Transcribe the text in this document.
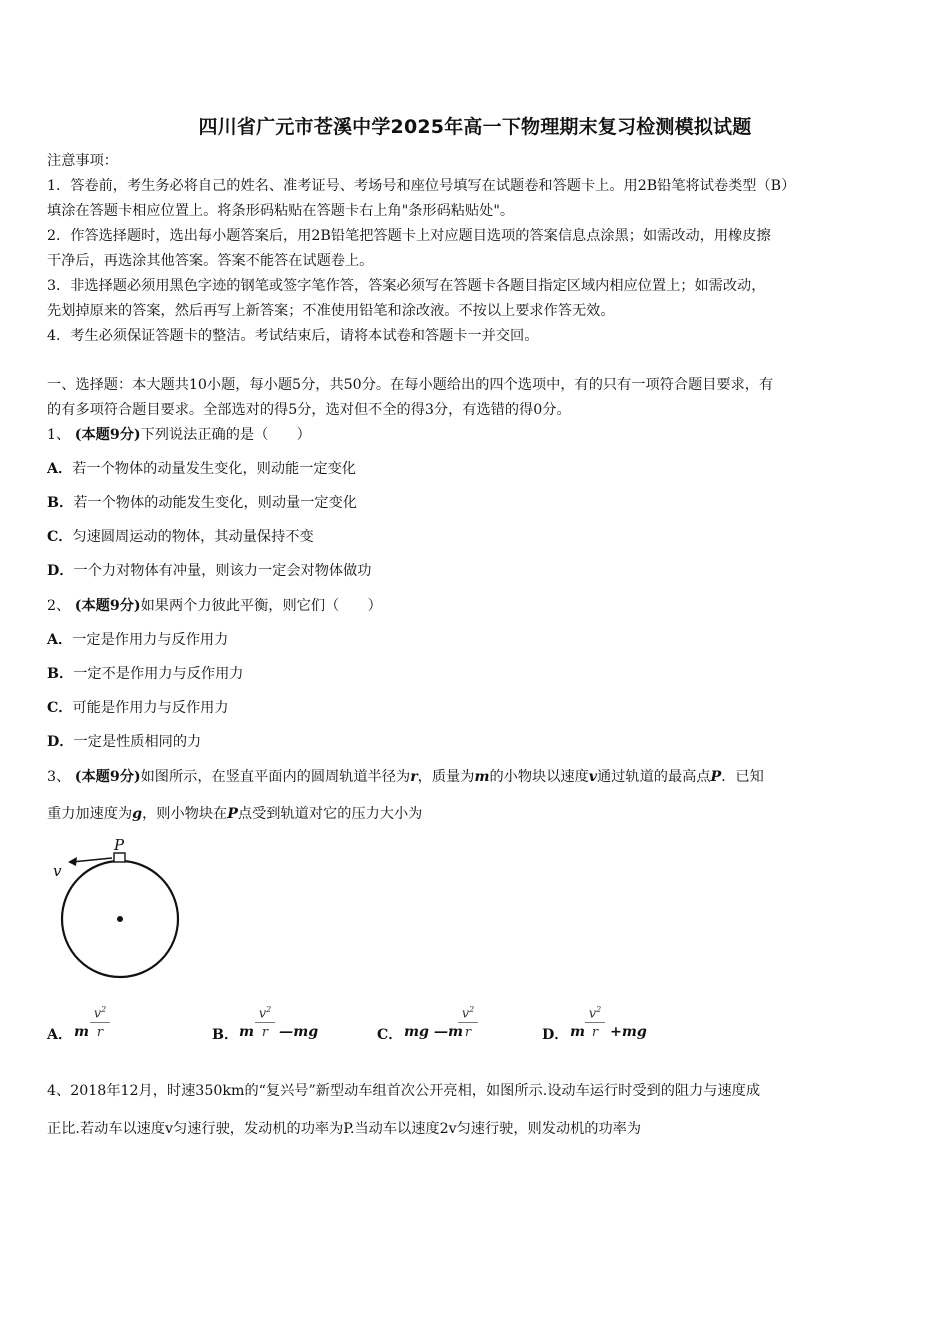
四川省广元市苍溪中学2025年高一下物理期末复习检测模拟试题
注意事项：
1．答卷前，考生务必将自己的姓名、准考证号、考场号和座位号填写在试题卷和答题卡上。用2B铅笔将试卷类型（B）
填涂在答题卡相应位置上。将条形码粘贴在答题卡右上角"条形码粘贴处"。
2．作答选择题时，选出每小题答案后，用2B铅笔把答题卡上对应题目选项的答案信息点涂黑；如需改动，用橡皮擦
干净后，再选涂其他答案。答案不能答在试题卷上。
3．非选择题必须用黑色字迹的钢笔或签字笔作答，答案必须写在答题卡各题目指定区域内相应位置上；如需改动，
先划掉原来的答案，然后再写上新答案；不准使用铅笔和涂改液。不按以上要求作答无效。
4．考生必须保证答题卡的整洁。考试结束后，请将本试卷和答题卡一并交回。
一、选择题：本大题共10小题，每小题5分，共50分。在每小题给出的四个选项中，有的只有一项符合题目要求，有
的有多项符合题目要求。全部选对的得5分，选对但不全的得3分，有选错的得0分。
1、 (本题9分)下列说法正确的是（　　）
A．若一个物体的动量发生变化，则动能一定变化
B．若一个物体的动能发生变化，则动量一定变化
C．匀速圆周运动的物体，其动量保持不变
D．一个力对物体有冲量，则该力一定会对物体做功
2、 (本题9分)如果两个力彼此平衡，则它们（　　）
A．一定是作用力与反作用力
B．一定不是作用力与反作用力
C．可能是作用力与反作用力
D．一定是性质相同的力
3、 (本题9分)如图所示，在竖直平面内的圆周轨道半径为r，质量为m的小物块以速度v通过轨道的最高点P．已知
重力加速度为g，则小物块在P点受到轨道对它的压力大小为
P
v
A． m
$v^2$
r	B． m
$v^2$
r —mg	C． mg —m
$v^2$
r	D． m
$v^2$
r +mg
4、2018年12月，时速350km的“复兴号”新型动车组首次公开亮相，如图所示.设动车运行时受到的阻力与速度成
正比.若动车以速度v匀速行驶，发动机的功率为P.当动车以速度2v匀速行驶，则发动机的功率为
